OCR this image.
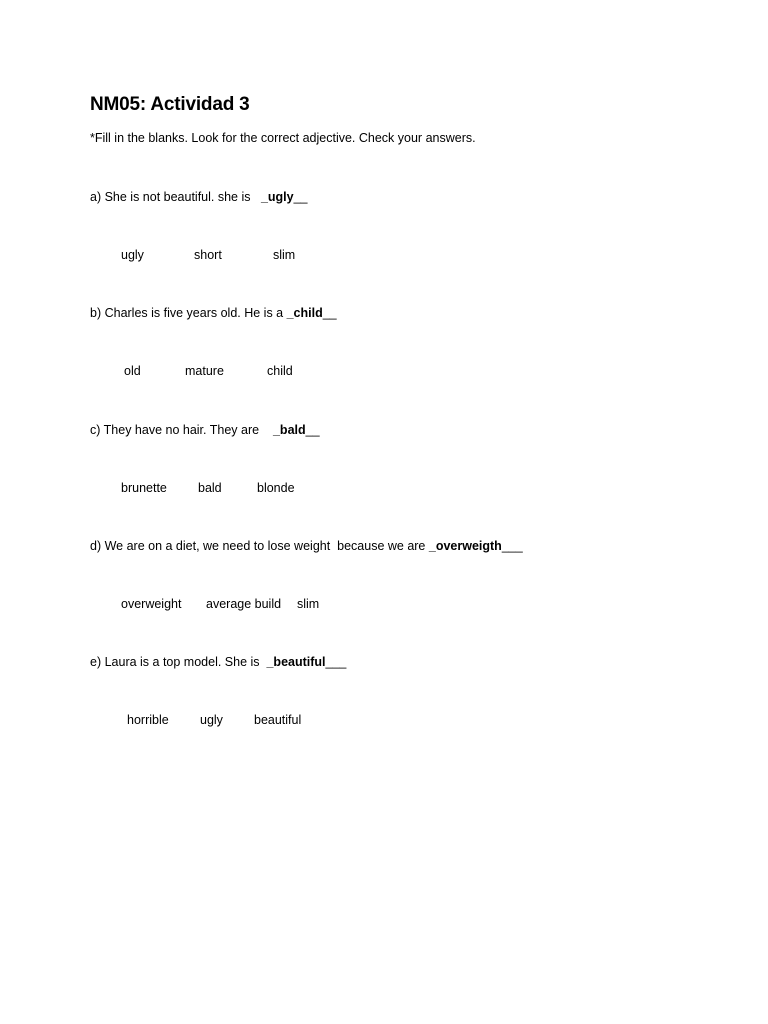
NM05: Actividad 3
*Fill in the blanks. Look for the correct adjective. Check your answers.
a) She is not beautiful. she is   _ugly__
ugly	short	slim
b) Charles is five years old. He is a _child__
old	mature	child
c) They have no hair. They are    _bald__
brunette bald	blonde
d) We are on a diet, we need to lose weight  because we are _overweigth___
overweight average build slim
e) Laura is a top model. She is  _beautiful___
horrible	ugly beautiful
